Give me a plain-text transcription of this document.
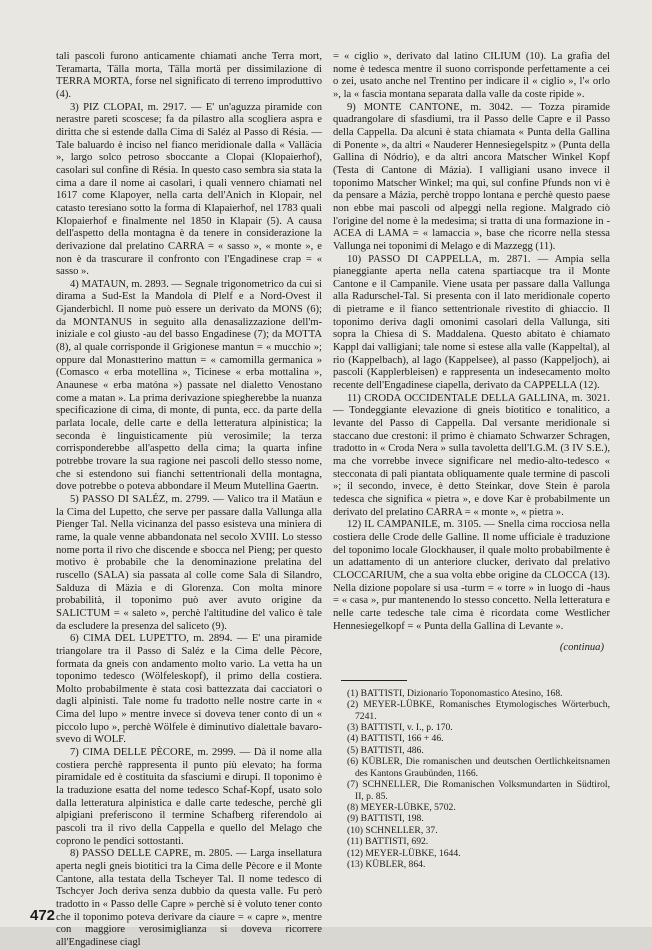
tali pascoli furono anticamente chiamati anche Terra mort, Teramarta, Tälla morta, Tälla mortä per dissimilazione di TERRA MORTA, forse nel significato di terreno improduttivo (4).

3) PIZ CLOPAI, m. 2917. — E' un'aguzza piramide con nerastre pareti scoscese; fa da pilastro alla scogliera aspra e diritta che si estende dalla Cima di Saléz al Passo di Résia. — Tale baluardo è inciso nel fianco meridionale dalla « Valläcia », largo solco petroso sboccante a Clopai (Klopaierhof), casolari sul confine di Résia. In questo caso sembra sia stata la cima a dare il nome ai casolari, i quali vennero chiamati nel 1617 come Klapoyer, nella carta dell'Anich in Klopair, nel catasto teresiano sotto la forma di Klapaierhof, nel 1783 quali Klopaierhof e finalmente nel 1850 in Klapair (5). A causa dell'aspetto della montagna è da tenere in considerazione la derivazione dal prelatino CARRA = « sasso », « monte », e non è da trascurare il confronto con l'Engadinese crap = « sasso ».

4) MATAUN, m. 2893. — Segnale trigonometrico da cui si dirama a Sud-Est la Mandola di Plelf e a Nord-Ovest il Gjanderbichl. Il nome può essere un derivato da MONS (6); da MONTANUS in seguito alla denasalizzazione dell'm- iniziale e col giusto -au del basso Engadinese (7); da MOTTA (8), al quale corrisponde il Grigionese mantun = « mucchio »; oppure dal Monastterino mattun = « camomilla germanica » (Comasco « erba motellina », Ticinese « erba mottalina », Anaunese « erba matóna ») passate nel dialetto Venostano come a matan ». La prima derivazione spiegherebbe la nuanza specificazione di cima, di monte, di punta, ecc. da parte della parlata locale, delle carte e della letteratura alpinistica; la seconda è linguisticamente più verosimile; la terza corrisponderebbe all'aspetto della cima; la quarta infine potrebbe trovare la sua ragione nei pascoli dello stesso nome, che si estendono sui fianchi settentrionali della montagna, dove potrebbe o potevа abbondare il Meum Mutellina Gaertn.

5) PASSO DI SALÉZ, m. 2799. — Valico tra il Matäun e la Cima del Lupetto, che serve per passare dalla Vallunga alla Pienger Tal. Nella vicinanza del passo esisteva una miniera di rame, la quale venne abbandonata nel secolo XVIII. Lo stesso nome porta il rivo che discende e sbocca nel Pieng; per questo motivo è probabile che la denominazione prelatina del ruscello (SALA) sia passata al colle come Sala di Silandro, Salduza di Mäzia e di Glorenza. Con molta minore probabilità, il toponimo può aver avuto origine da SALICTUM = « saleto », perchè l'altitudine del valico è tale da escludere la presenza del saliceto (9).

6) CIMA DEL LUPETTO, m. 2894. — E' una piramide triangolare tra il Passo di Saléz e la Cima delle Pècore, formata da gneis con andamento molto vario. La vetta ha un toponimo tedesco (Wölfeleskopf), il primo della costiera. Molto probabilmente è stata così battezzata dai cacciatori o dagli alpinisti. Tale nome fu tradotto nelle nostre carte in « Cima del lupo » mentre invece si doveva tener conto di un « piccolo lupo », perchè Wölfele è diminutivo dialettale bavaro-svevo di WOLF.

7) CIMA DELLE PÈCORE, m. 2999. — Dà il nome alla costiera perchè rappresenta il punto più elevato; ha forma piramidale ed è costituita da sfasciumi e dirupi. Il toponimo è la traduzione esatta del nome tedesco Schaf-Kopf, usato solo dalla letteratura alpinistica e dalle carte tedesche, perchè gli alpigiani preferiscono il termine Schafberg riferendolo ai pascoli tra il rivo della Cappella e quello del Melago che coprono le pendici sottostanti.

8) PASSO DELLE CAPRE, m. 2805. — Larga insellatura aperta negli gneis biotitici tra la Cima delle Pècore e il Monte Cantone, alla testata della Tscheyer Tal. Il nome tedesco di Tschcyer Joch deriva senza dubbio da questa valle. Fu però tradotto in « Passo delle Capre » perchè si è voluto tener conto che il toponimo potevа derivare da ciaure = « capre », mentre con maggiore verosimiglianza si doveva ricorrere all'Engadinese ciagl

= « ciglio », derivato dal latino CILIUM (10). La grafia del nome è tedesca mentre il suono corrisponde perfettamente a cei o zei, usato anche nel Trentino per indicare il « ciglio », l'« orlo », la « fascia montana separata dalla valle da coste ripide ».

9) MONTE CANTONE, m. 3042. — Tozza piramide quadrangolare di sfasdiumi, tra il Passo delle Capre e il Passo della Cappella. Da alcuni è stata chiamata « Punta della Gallina di Ponente », da altri « Nauderer Hennesiegelspitz » (Punta della Gallina di Nódrio), e da altri ancora Matscher Winkel Kopf (Testa di Cantone di Mázia). I valligiani usano invece il toponimo Matscher Winkel; ma qui, sul confine Pfunds non vi è da pensare a Mázia, perchè troppo lontana e perchè questo paese non ebbe mai pascoli od alpeggi nella regione. Malgrado ciò l'origine del nome è la medesima; si tratta di una formazione in -ACEA di LAMA = « lamaccia », base che ricorre nella stessa Vallunga nei toponimi di Melago e di Mazzegg (11).

10) PASSO DI CAPPELLA, m. 2871. — Ampia sella pianeggiante aperta nella catena spartiacque tra il Monte Cantone e il Campanile. Viene usata per passare dalla Vallunga alla Radurschel-Tal. Si presenta con il lato meridionale coperto di pietrame e il fianco settentrionale rivestito di ghiaccio. Il toponimo deriva dagli omonimi casolari della Vallunga, siti sopra la Chiesa di S. Maddalena. Questo abitato è chiamato Kappl dai valligiani; tale nome si estese alla valle (Kappeltal), al rio (Kappelbach), al lago (Kappelsee), al passo (Kappeljoch), ai pascoli (Kapplerbleisen) e rappresenta un indesecamento molto recente dell'Engadinese ciapella, derivato da CAPPELLA (12).

11) CRODA OCCIDENTALE DELLA GALLINA, m. 3021. — Tondeggiante elevazione di gneis biotitico e tonalitico, a levante del Passo di Cappella. Dal versante meridionale si staccano due crestoni: il primo è chiamato Schwarzer Schragen, tradotto in « Croda Nera » sulla tavoletta dell'I.G.M. (3 IV S.E.), ma che vorrebbe invece significare nel medio-alto-tedesco « stecconata di pali piantata obliquamente quale termine di pascoli »; il secondo, invece, è detto Steinkar, dove Stein è parola tedesca che significa « pietra », e dove Kar è probabilmente un derivato del prelatino CARRA = « monte », « pietra ».

12) IL CAMPANILE, m. 3105. — Snella cima rocciosa nella costiera delle Crode delle Galline. Il nome ufficiale è traduzione del toponimo locale Glockhauser, il quale molto probabilmente è un adattamento di un anteriore clucker, derivato dal prelativo CLOCCARIUM, che a sua volta ebbe origine da CLOCCA (13). Nella dizione popolare si usa -turm = « torre » in luogo di -haus = « casa », pur mantenendo lo stesso concetto. Nella letteratura e nelle carte tedesche tale cima è ricordata come Westlicher Hennesiegelkopf = « Punta della Gallina di Levante ».

(continua)

(1) BATTISTI, Dizionario Toponomastico Atesino, 168.

(2) MEYER-LÜBKE, Romanisches Etymologisches Wörterbuch, 7241.

(3) BATTISTI, v. I., p. 170.

(4) BATTISTI, 166 + 46.

(5) BATTISTI, 486.

(6) KÜBLER, Die romanischen und deutschen Oertlichkeitsnamen des Kantons Graubünden, 1166.

(7) SCHNELLER, Die Romanischen Volksmundarten in Südtirol, II, p. 85.

(8) MEYER-LÜBKE, 5702.

(9) BATTISTI, 198.

(10) SCHNELLER, 37.

(11) BATTISTI, 692.

(12) MEYER-LÜBKE, 1644.

(13) KÜBLER, 864.

472
